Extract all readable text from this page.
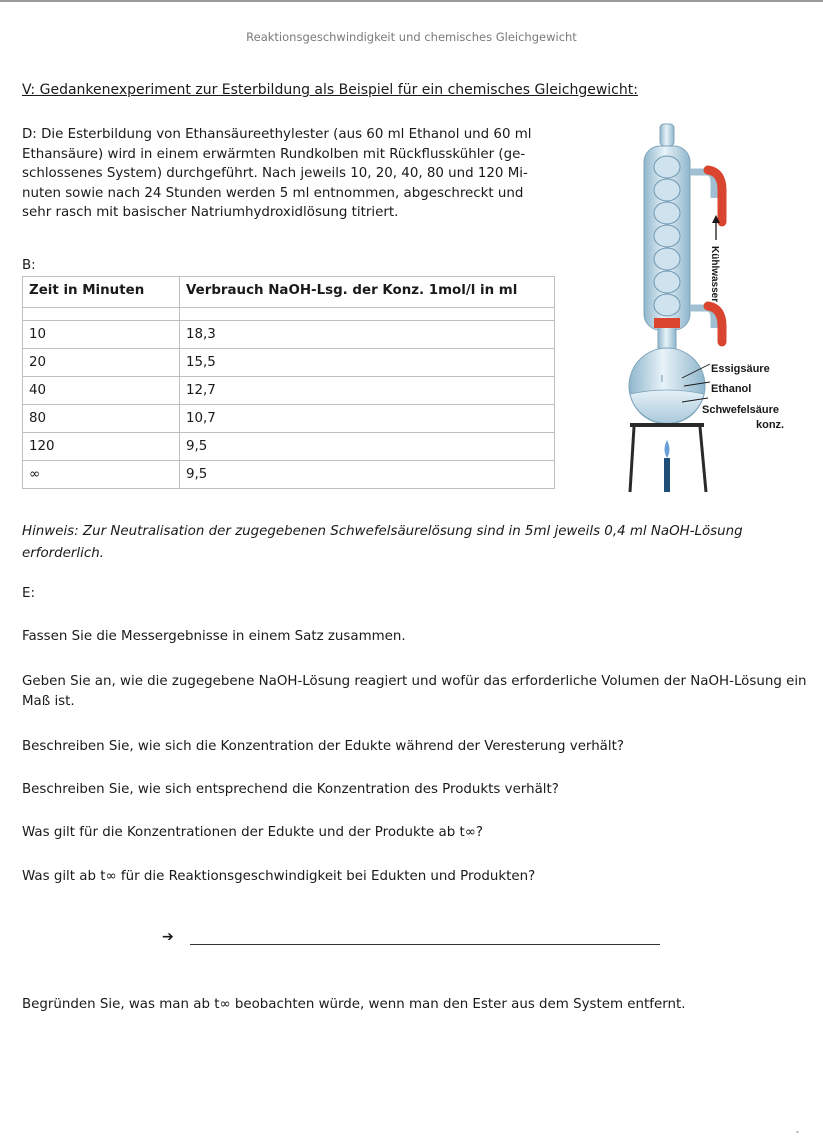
Reaktionsgeschwindigkeit und chemisches Gleichgewicht
V: Gedankenexperiment zur Esterbildung als Beispiel für ein chemisches Gleichgewicht:
D: Die Esterbildung von Ethansäureethylester (aus 60 ml Ethanol und 60 ml
Ethansäure) wird in einem erwärmten Rundkolben mit Rückflusskühler (ge-
schlossenes System) durchgeführt. Nach jeweils 10, 20, 40, 80 und 120 Mi-
nuten sowie nach 24 Stunden werden 5 ml entnommen, abgeschreckt und
sehr rasch mit basischer Natriumhydroxidlösung titriert.
B:
Zeit in Minuten	Verbrauch NaOH-Lsg. der Konz. 1mol/l in ml

10	18,3
20	15,5
40	12,7
80	10,7
120	9,5
∞	9,5
Kühlwasser
Essigsäure
Ethanol
Schwefelsäure
konz.
Hinweis: Zur Neutralisation der zugegebenen Schwefelsäurelösung sind in 5ml jeweils 0,4 ml NaOH-Lösung erforderlich.
E:
Fassen Sie die Messergebnisse in einem Satz zusammen.
Geben Sie an, wie die zugegebene NaOH-Lösung reagiert und wofür das erforderliche Volumen der NaOH-Lösung ein Maß ist.
Beschreiben Sie, wie sich die Konzentration der Edukte während der Veresterung verhält?
Beschreiben Sie, wie sich entsprechend die Konzentration des Produkts verhält?
Was gilt für die Konzentrationen der Edukte und der Produkte ab t∞?
Was gilt ab t∞ für die Reaktionsgeschwindigkeit bei Edukten und Produkten?
➔
Begründen Sie, was man ab t∞ beobachten würde, wenn man den Ester aus dem System entfernt.
